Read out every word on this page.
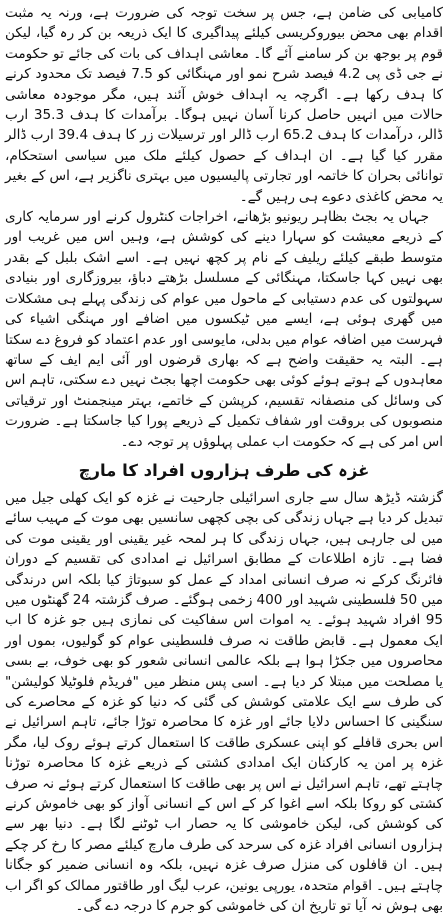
کامیابی کی ضامن ہے، جس پر سخت توجہ کی ضرورت ہے، ورنہ یہ مثبت اقدام بھی محض بیوروکریسی کیلئے پیداگیری کا ایک ذریعہ بن کر رہ گیا، لیکن قوم پر بوجھ بن کر سامنے آئے گا۔ معاشی اہداف کی بات کی جائے تو حکومت نے جی ڈی پی 4.2 فیصد شرح نمو اور مہنگائی کو 7.5 فیصد تک محدود کرنے کا ہدف رکھا ہے۔ اگرچہ یہ اہداف خوش آئند ہیں، مگر موجودہ معاشی حالات میں انہیں حاصل کرنا آسان نہیں ہوگا۔ برآمدات کا ہدف 35.3 ارب ڈالر، درآمدات کا ہدف 65.2 ارب ڈالر اور ترسیلات زر کا ہدف 39.4 ارب ڈالر مقرر کیا گیا ہے۔ ان اہداف کے حصول کیلئے ملک میں سیاسی استحکام، توانائی بحران کا خاتمہ اور تجارتی پالیسیوں میں بہتری ناگزیر ہے، اس کے بغیر یہ محض کاغذی دعوے ہی رہیں گے۔

جہاں یہ بجٹ بظاہر ریونیو بڑھانے، اخراجات کنٹرول کرنے اور سرمایہ کاری کے ذریعے معیشت کو سہارا دینے کی کوشش ہے، وہیں اس میں غریب اور متوسط طبقے کیلئے ریلیف کے نام پر کچھ نہیں ہے۔ اسے اشک بلبل کے بقدر بھی نہیں کہا جاسکتا، مہنگائی کے مسلسل بڑھتے دباؤ، بیروزگاری اور بنیادی سہولتوں کی عدم دستیابی کے ماحول میں عوام کی زندگی پہلے ہی مشکلات میں گھری ہوئی ہے، ایسے میں ٹیکسوں میں اضافے اور مہنگی اشیاء کی فہرست میں اضافہ عوام میں بدلی، مایوسی اور عدم اعتماد کو فروغ دے سکتا ہے۔ البتہ یہ حقیقت واضح ہے کہ بھاری قرضوں اور آئی ایم ایف کے ساتھ معاہدوں کے ہوتے ہوئے کوئی بھی حکومت اچھا بجٹ نہیں دے سکتی، تاہم اس کی وسائل کی منصفانہ تقسیم، کرپشن کے خاتمے، بہتر مینجمنٹ اور ترقیاتی منصوبوں کی بروقت اور شفاف تکمیل کے ذریعے پورا کیا جاسکتا ہے۔ ضرورت اس امر کی ہے کہ حکومت اب عملی پہلوؤں پر توجہ دے۔

غزہ کی طرف ہزاروں افراد کا مارچ

گزشتہ ڈیڑھ سال سے جاری اسرائیلی جارحیت نے غزہ کو ایک کھلی جیل میں تبدیل کر دیا ہے جہاں زندگی کی بچی کچھی سانسیں بھی موت کے مہیب سائے میں لی جارہی ہیں، جہاں زندگی کا ہر لمحہ غیر یقینی اور یقینی موت کی فضا ہے۔ تازہ اطلاعات کے مطابق اسرائیل نے امدادی کی تقسیم کے دوران فائرنگ کرکے نہ صرف انسانی امداد کے عمل کو سبوتاژ کیا بلکہ اس درندگی میں 50 فلسطینی شہید اور 400 زخمی ہوگئے۔ صرف گزشتہ 24 گھنٹوں میں 95 افراد شہید ہوئے۔ یہ اموات اس سفاکیت کی نمازی ہیں جو غزہ کا اب ایک معمول ہے۔ قابض طاقت نہ صرف فلسطینی عوام کو گولیوں، بموں اور محاصروں میں جکڑا ہوا ہے بلکہ عالمی انسانی شعور کو بھی خوف، بے بسی یا مصلحت میں مبتلا کر دیا ہے۔ اسی پس منظر میں "فریڈم فلوٹیلا کولیشن" کی طرف سے ایک علامتی کوشش کی گئی کہ دنیا کو غزہ کے محاصرے کی سنگینی کا احساس دلایا جائے اور غزہ کا محاصرہ توڑا جائے، تاہم اسرائیل نے اس بحری قافلے کو اپنی عسکری طاقت کا استعمال کرتے ہوئے روک لیا، مگر غزہ پر امن یہ کارکنان ایک امدادی کشتی کے ذریعے غزہ کا محاصرہ توڑنا چاہتے تھے، تاہم اسرائیل نے اس پر بھی طاقت کا استعمال کرتے ہوئے نہ صرف کشتی کو روکا بلکہ اسے اغوا کر کے اس کے انسانی آواز کو بھی خاموش کرنے کی کوشش کی، لیکن خاموشی کا یہ حصار اب ٹوٹنے لگا ہے۔ دنیا بھر سے ہزاروں انسانی افراد غزہ کی سرحد کی طرف مارچ کیلئے مصر کا رخ کر چکے ہیں۔ ان قافلوں کی منزل صرف غزہ نہیں، بلکہ وہ انسانی ضمیر کو جگانا چاہتے ہیں۔ اقوام متحدہ، یورپی یونین، عرب لیگ اور طاقتور ممالک کو اگر اب بھی ہوش نہ آیا تو تاریخ ان کی خاموشی کو جرم کا درجہ دے گی۔
